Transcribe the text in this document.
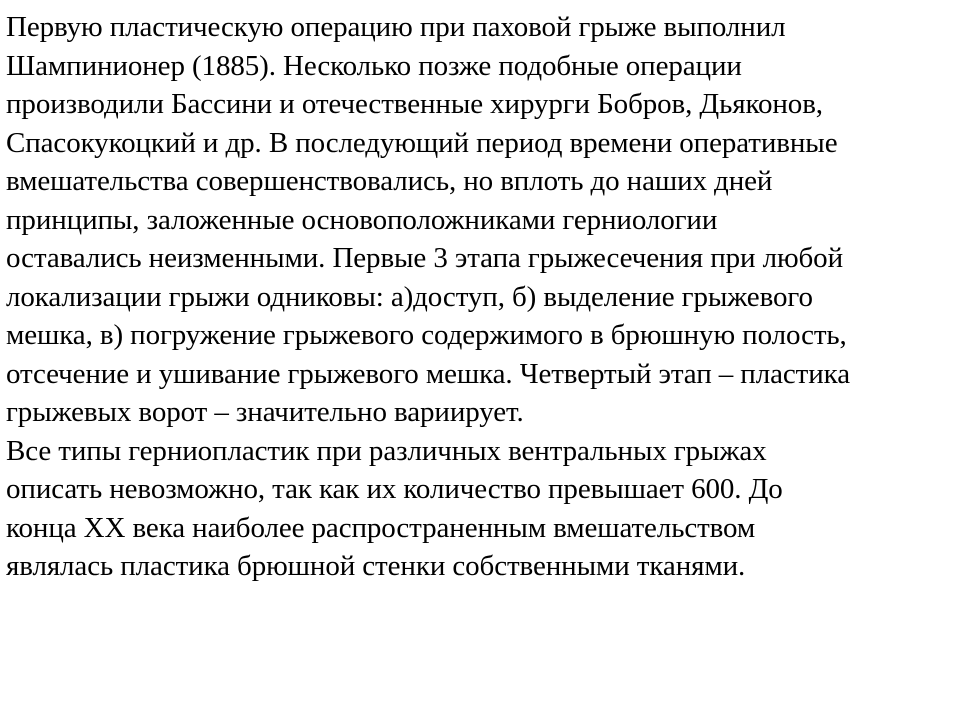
Первую пластическую операцию при паховой грыже выполнил
Шампинионер (1885). Несколько позже подобные операции
производили Бассини и отечественные хирурги Бобров, Дьяконов,
Спасокукоцкий и др. В последующий период времени оперативные
вмешательства совершенствовались, но вплоть до наших дней
принципы, заложенные основоположниками герниологии
оставались неизменными. Первые 3 этапа грыжесечения при любой
локализации грыжи одниковы: а)доступ, б) выделение грыжевого
мешка, в) погружение грыжевого содержимого в брюшную полость,
отсечение и ушивание грыжевого мешка. Четвертый этап – пластика
грыжевых ворот – значительно вариирует.

Все типы герниопластик при различных вентральных грыжах
описать невозможно, так как их количество превышает 600. До
конца ХХ века наиболее распространенным вмешательством
являлась пластика брюшной стенки собственными тканями.
